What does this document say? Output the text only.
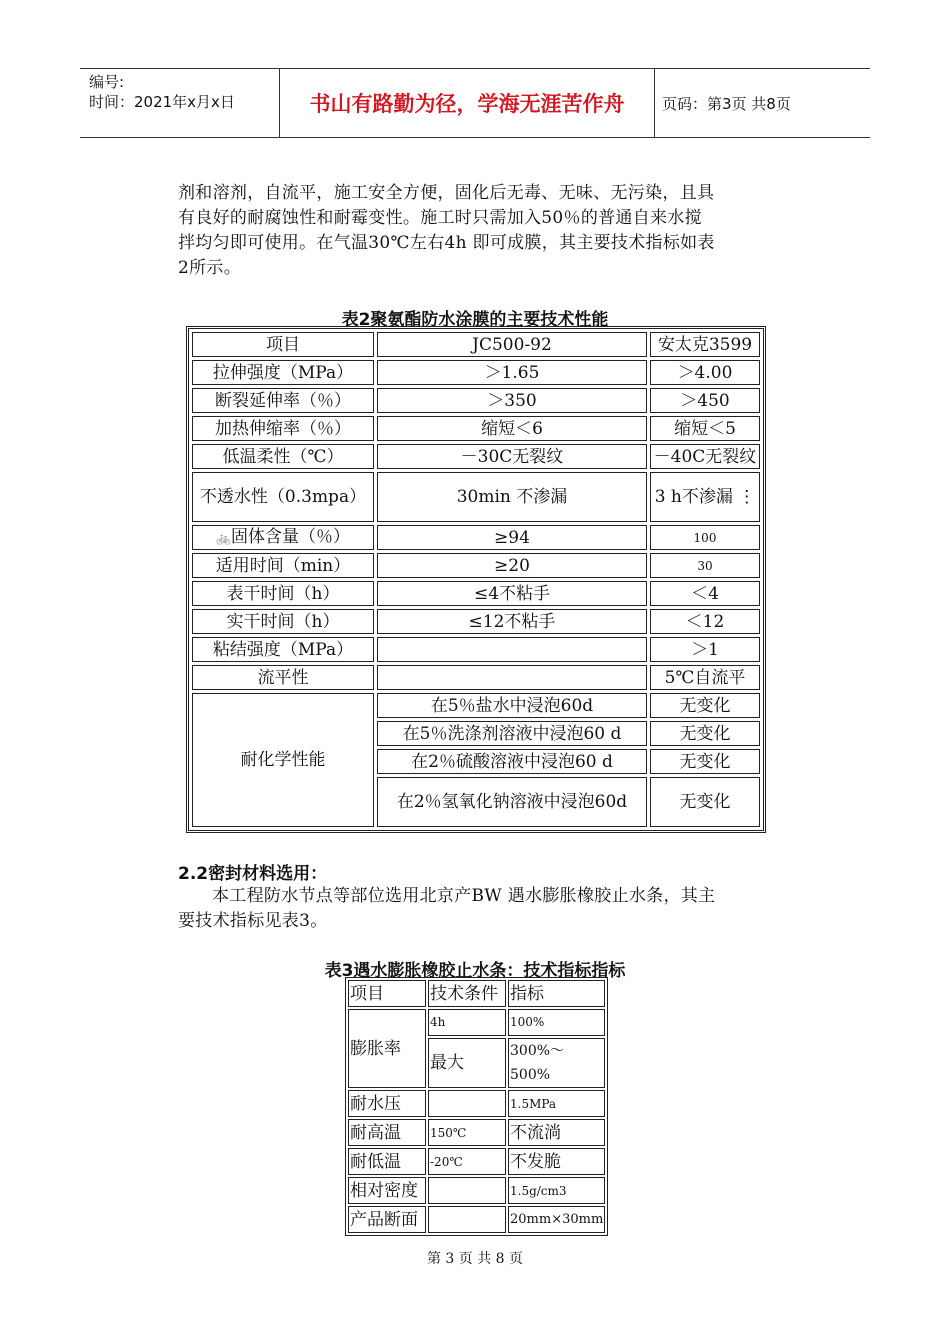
编号:
时间：2021年x月x日	书山有路勤为径，学海无涯苦作舟	页码：第3页 共8页
剂和溶剂，自流平，施工安全方便，固化后无毒、无味、无污染，且具
有良好的耐腐蚀性和耐霉变性。施工时只需加入50％的普通自来水搅
拌均匀即可使用。在气温30℃左右4h 即可成膜，其主要技术指标如表
2所示。
表2聚氨酯防水涂膜的主要技术性能
项目	JC500-92	安太克3599
拉伸强度（MPa）	＞1.65	＞4.00
断裂延伸率（％）	＞350	＞450
加热伸缩率（％）	缩短＜6	缩短＜5
低温柔性（℃）	－30C无裂纹	－40C无裂纹
不透水性（0.3mpa）	30min 不渗漏	3 h不渗漏 ⋮
🚲固体含量（％）	≥94	100
适用时间（min）	≥20	30
表干时间（h）	≤4不粘手	＜4
实干时间（h）	≤12不粘手	＜12
粘结强度（MPa）		＞1
流平性		5℃自流平
耐化学性能	在5％盐水中浸泡60d	无变化
	在5％洗涤剂溶液中浸泡60 d	无变化
	在2％硫酸溶液中浸泡60 d	无变化
	在2％氢氧化钠溶液中浸泡60d	无变化
2.2密封材料选用：
本工程防水节点等部位选用北京产BW 遇水膨胀橡胶止水条，其主
要技术指标见表3。
表3遇水膨胀橡胶止水条：技术指标指标
项目	技术条件	指标
膨胀率	4h	100%
	最大	300%～500%
耐水压		1.5MPa
耐高温	150℃	不流淌
耐低温	-20℃	不发脆
相对密度		1.5g/cm3
产品断面		20mm×30mm
第 3 页 共 8 页
